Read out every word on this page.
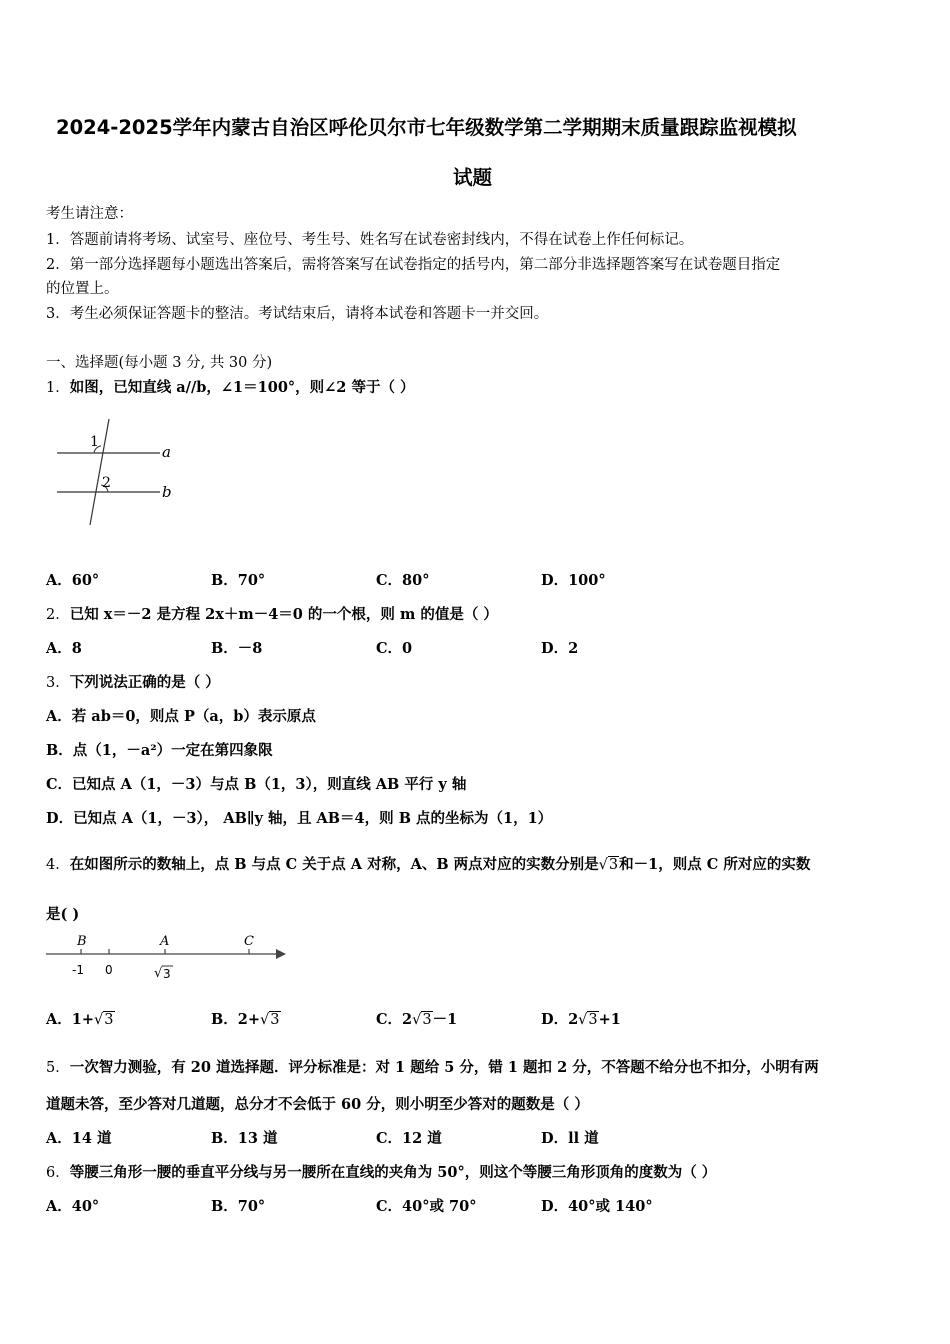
2024-2025学年内蒙古自治区呼伦贝尔市七年级数学第二学期期末质量跟踪监视模拟
试题
考生请注意：
1．答题前请将考场、试室号、座位号、考生号、姓名写在试卷密封线内，不得在试卷上作任何标记。
2．第一部分选择题每小题选出答案后，需将答案写在试卷指定的括号内，第二部分非选择题答案写在试卷题目指定
的位置上。
3．考生必须保证答题卡的整洁。考试结束后，请将本试卷和答题卡一并交回。
一、选择题(每小题 3 分, 共 30 分)
1．如图，已知直线 a//b，∠1＝100°，则∠2 等于（ ）
1
2
a
b
A．60°	B．70°	C．80°	D．100°
2．已知 x＝－2 是方程 2x＋m－4＝0 的一个根，则 m 的值是（ ）
A．8	B．－8	C．0	D．2
3．下列说法正确的是（ ）
A．若 ab＝0，则点 P（a，b）表示原点
B．点（1，－a²）一定在第四象限
C．已知点 A（1，－3）与点 B（1，3），则直线 AB 平行 y 轴
D．已知点 A（1，－3）， AB∥y 轴，且 AB＝4，则 B 点的坐标为（1，1）
4．在如图所示的数轴上，点 B 与点 C 关于点 A 对称，A、B 两点对应的实数分别是√3和－1，则点 C 所对应的实数
是( )
B	A	C
-1 0	√ 3
A．1+√3	B．2+√3	C．2√3－1	D．2√3+1
5．一次智力测验，有 20 道选择题．评分标准是：对 1 题给 5 分，错 1 题扣 2 分，不答题不给分也不扣分，小明有两
道题未答，至少答对几道题，总分才不会低于 60 分，则小明至少答对的题数是（ ）
A．14 道	B．13 道	C．12 道	D．ll 道
6．等腰三角形一腰的垂直平分线与另一腰所在直线的夹角为 50°，则这个等腰三角形顶角的度数为（ ）
A．40°	B．70°	C．40°或 70°	D．40°或 140°
